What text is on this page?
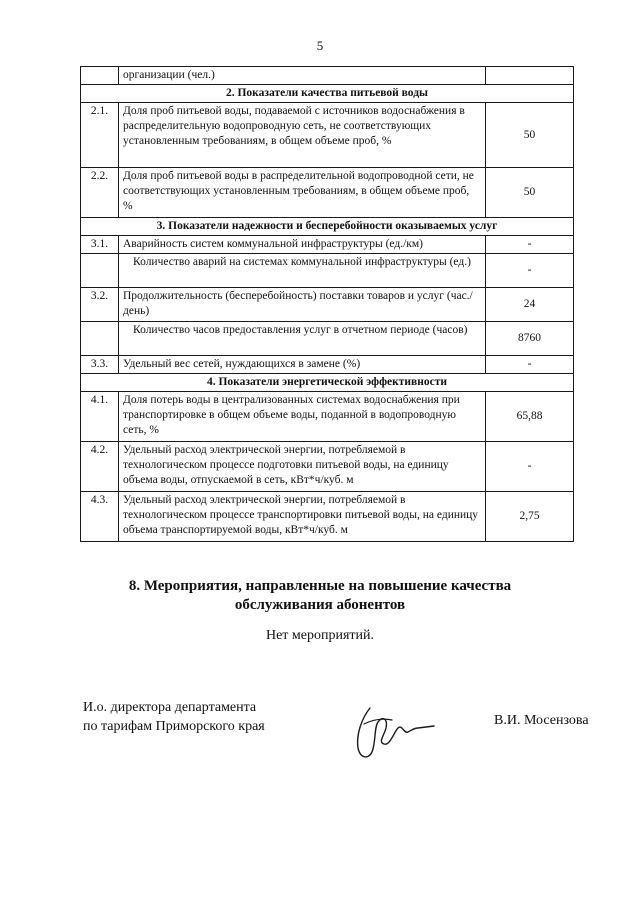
5
	организации (чел.)	
2. Показатели качества питьевой воды		
2.1.	Доля проб питьевой воды, подаваемой с источников водоснабжения в распределительную водопроводную сеть, не соответствующих установленным требованиям, в общем объеме проб, %	50
2.2.	Доля проб питьевой воды в распределительной водопроводной сети, не соответствующих установленным требованиям, в общем объеме проб, %	50
3. Показатели надежности и бесперебойности оказываемых услуг		
3.1.	Аварийность систем коммунальной инфраструктуры (ед./км)	-

	Количество аварий на системах коммунальной инфраструктуры (ед.)	-
3.2.	Продолжительность (бесперебойность) поставки товаров и услуг (час./день)	24

	Количество часов предоставления услуг в отчетном периоде (часов)	8760
3.3.	Удельный вес сетей, нуждающихся в замене (%)	-
4. Показатели энергетической эффективности		
4.1.	Доля потерь воды в централизованных системах водоснабжения при транспортировке в общем объеме воды, поданной в водопроводную сеть, %	65,88
4.2.	Удельный расход электрической энергии, потребляемой в технологическом процессе подготовки питьевой воды, на единицу объема воды, отпускаемой в сеть, кВт*ч/куб. м	-
4.3.	Удельный расход электрической энергии, потребляемой в технологическом процессе транспортировки питьевой воды, на единицу объема транспортируемой воды, кВт*ч/куб. м	2,75
8. Мероприятия, направленные на повышение качества
обслуживания абонентов
Нет мероприятий.
И.о. директора департамента
по тарифам Приморского края	В.И. Мосензова
